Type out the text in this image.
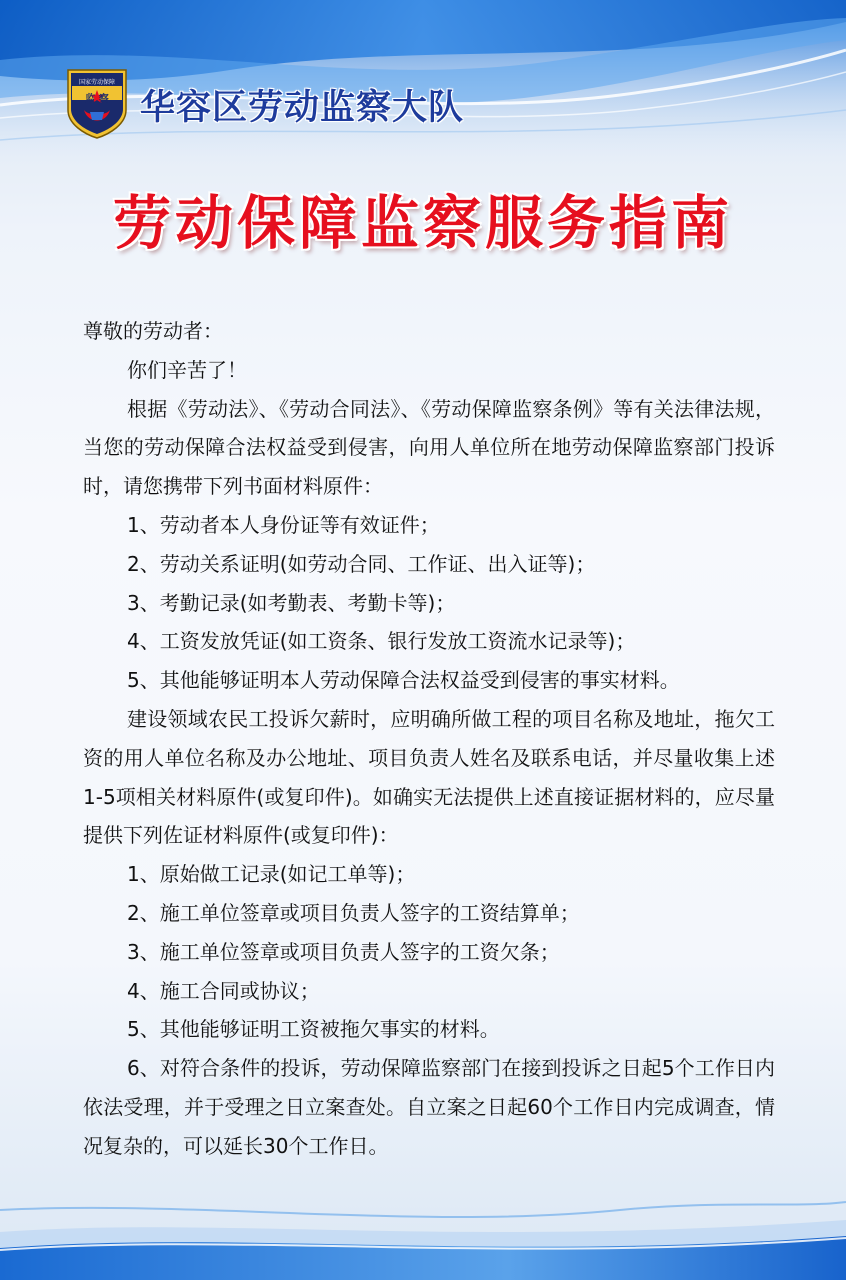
国家劳动保障
监 察 华容区劳动监察大队
劳动保障监察服务指南
尊敬的劳动者：
你们辛苦了！
根据《劳动法》、《劳动合同法》、《劳动保障监察条例》等有关法律法规，当您的劳动保障合法权益受到侵害，向用人单位所在地劳动保障监察部门投诉时，请您携带下列书面材料原件：
1、劳动者本人身份证等有效证件；
2、劳动关系证明(如劳动合同、工作证、出入证等)；
3、考勤记录(如考勤表、考勤卡等)；
4、工资发放凭证(如工资条、银行发放工资流水记录等)；
5、其他能够证明本人劳动保障合法权益受到侵害的事实材料。
建设领域农民工投诉欠薪时，应明确所做工程的项目名称及地址，拖欠工资的用人单位名称及办公地址、项目负责人姓名及联系电话，并尽量收集上述1-5项相关材料原件(或复印件)。如确实无法提供上述直接证据材料的，应尽量提供下列佐证材料原件(或复印件)：
1、原始做工记录(如记工单等)；
2、施工单位签章或项目负责人签字的工资结算单；
3、施工单位签章或项目负责人签字的工资欠条；
4、施工合同或协议；
5、其他能够证明工资被拖欠事实的材料。
6、对符合条件的投诉，劳动保障监察部门在接到投诉之日起5个工作日内依法受理，并于受理之日立案查处。自立案之日起60个工作日内完成调查，情况复杂的，可以延长30个工作日。
